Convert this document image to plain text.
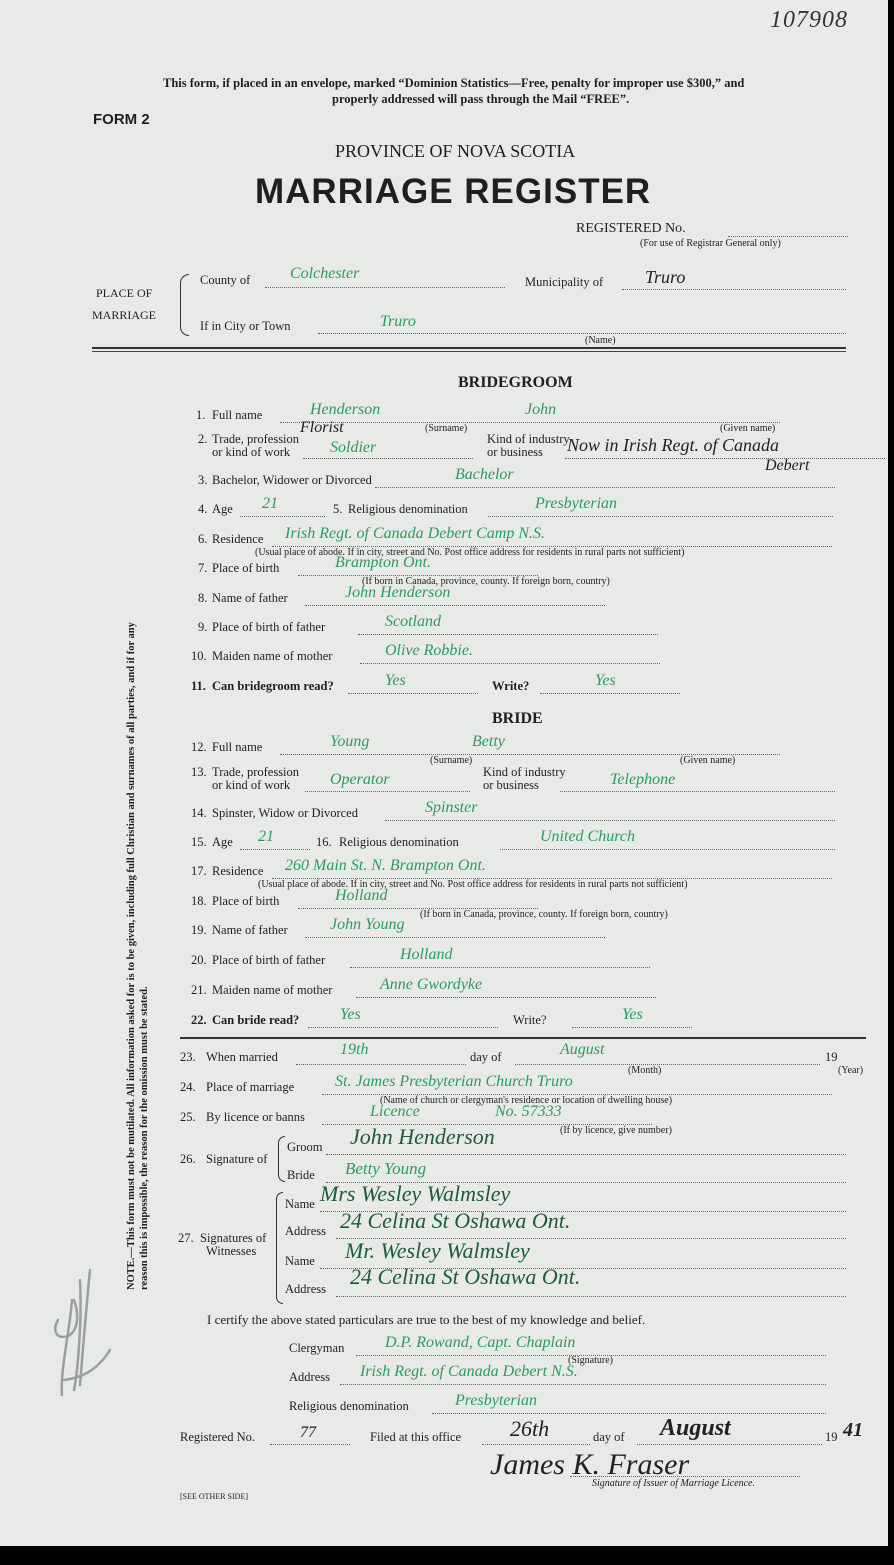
107908
This form, if placed in an envelope, marked “Dominion Statistics—Free, penalty for improper use $300,” and
properly addressed will pass through the Mail “FREE”.
FORM 2
PROVINCE OF NOVA SCOTIA
MARRIAGE REGISTER
REGISTERED No.
(For use of Registrar General only)
PLACE OF
MARRIAGE
County of Colchester	Municipality of Truro
If in City or Town	Truro
(Name)
BRIDEGROOM
1. Full name	Henderson	John
(Surname)	(Given name)
2. Trade, profession
or kind of work
Florist
Soldier	Kind of industry
or business Now in Irish Regt. of Canada
Debert
3. Bachelor, Widower or Divorced	Bachelor
4. Age 21	5. Religious denomination	Presbyterian
6. Residence Irish Regt. of Canada Debert Camp N.S.
(Usual place of abode. If in city, street and No. Post office address for residents in rural parts not sufficient)
7. Place of birth	Brampton Ont.
(If born in Canada, province, county. If foreign born, country)
8. Name of father	John Henderson
9. Place of birth of father	Scotland
10. Maiden name of mother	Olive Robbie.
11. Can bridegroom read?	Yes	Write?	Yes
BRIDE
12. Full name	Young	Betty
(Surname)	(Given name)
13. Trade, profession
or kind of work Operator	Kind of industry
or business	Telephone
14. Spinster, Widow or Divorced	Spinster
15. Age 21	16. Religious denomination	United Church
17. Residence 260 Main St. N. Brampton Ont.
(Usual place of abode. If in city, street and No. Post office address for residents in rural parts not sufficient)
18. Place of birth	Holland
(If born in Canada, province, county. If foreign born, country)
19. Name of father	John Young
20. Place of birth of father	Holland
21. Maiden name of mother	Anne Gwordyke
22. Can bride read?	Yes	Write?	Yes
23. When married	19th	day of	August	19
(Month)	(Year)
24. Place of marriage	St. James Presbyterian Church Truro
(Name of church or clergyman's residence or location of dwelling house)
25. By licence or banns	Licence	No. 57333
(If by licence, give number)
26. Signature of
Groom John Henderson
Bride Betty Young
27. Signatures of
Witnesses
Name Mrs Wesley Walmsley
Address 24 Celina St Oshawa Ont.
Name Mr. Wesley Walmsley
Address 24 Celina St Oshawa Ont.
I certify the above stated particulars are true to the best of my knowledge and belief.
Clergyman	D.P. Rowand, Capt. Chaplain
(Signature)
Address Irish Regt. of Canada Debert N.S.
Religious denomination	Presbyterian
Registered No.	77	Filed at this office 26th	day of August	19 41
James K. Fraser
Signature of Issuer of Marriage Licence.
[SEE OTHER SIDE]
NOTE.—This form must not be mutilated. All information asked for is to be given, including full Christian and surnames of all parties, and if for any reason this is impossible, the reason for the omission must be stated.
